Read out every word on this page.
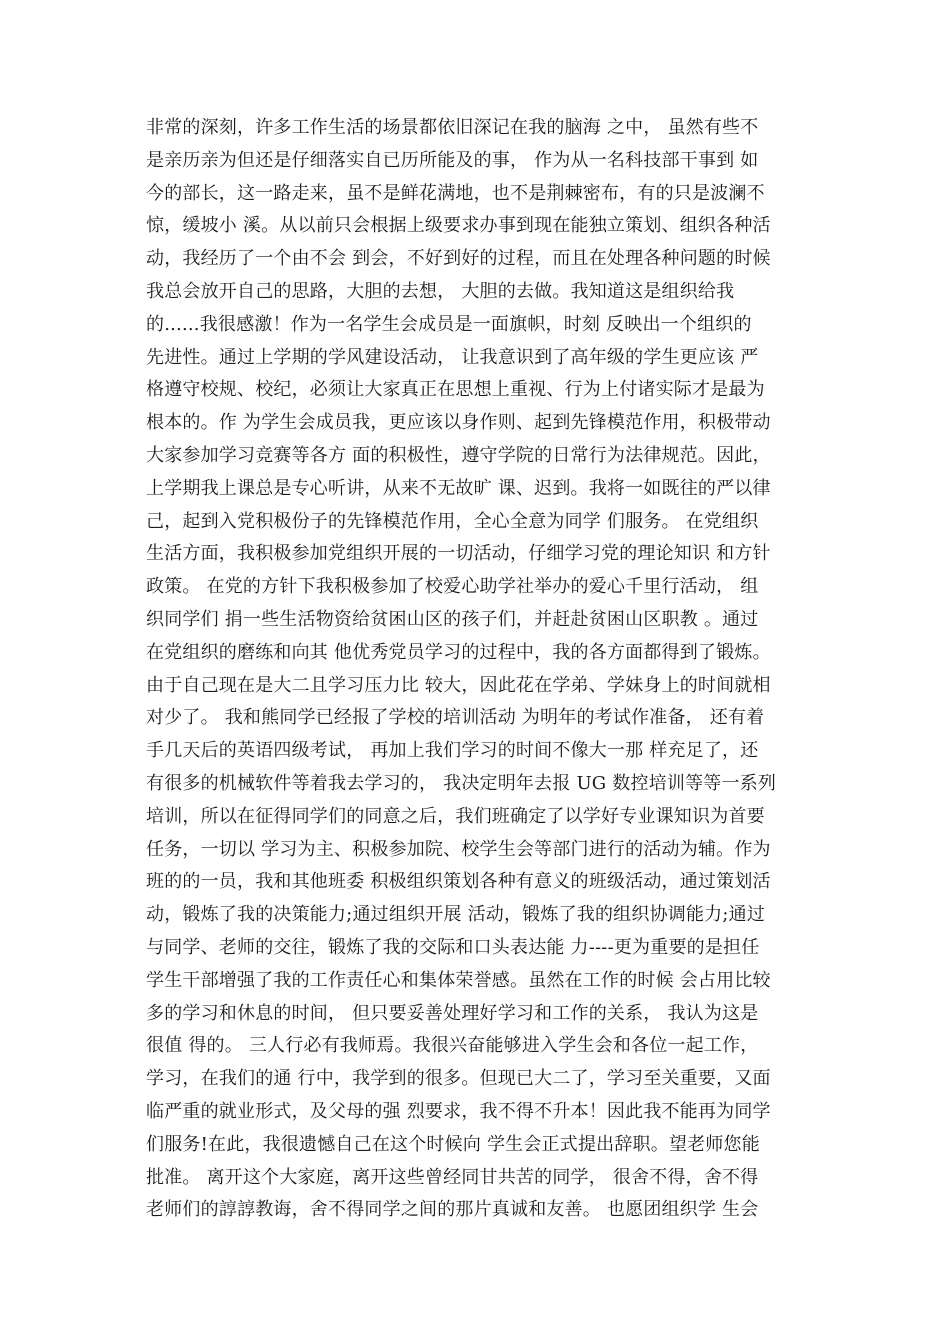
非常的深刻，许多工作生活的场景都依旧深记在我的脑海 之中， 虽然有些不
是亲历亲为但还是仔细落实自已历所能及的事， 作为从一名科技部干事到 如
今的部长，这一路走来，虽不是鲜花满地，也不是荆棘密布，有的只是波澜不
惊，缓坡小 溪。从以前只会根据上级要求办事到现在能独立策划、组织各种活
动，我经历了一个由不会 到会，不好到好的过程，而且在处理各种问题的时候
我总会放开自己的思路，大胆的去想， 大胆的去做。我知道这是组织给我
的......我很感激！作为一名学生会成员是一面旗帜，时刻 反映出一个组织的
先进性。通过上学期的学风建设活动， 让我意识到了高年级的学生更应该 严
格遵守校规、校纪，必须让大家真正在思想上重视、行为上付诸实际才是最为
根本的。作 为学生会成员我，更应该以身作则、起到先锋模范作用，积极带动
大家参加学习竞赛等各方 面的积极性，遵守学院的日常行为法律规范。因此，
上学期我上课总是专心听讲，从来不无故旷 课、迟到。我将一如既往的严以律
己，起到入党积极份子的先锋模范作用，全心全意为同学 们服务。 在党组织
生活方面，我积极参加党组织开展的一切活动，仔细学习党的理论知识 和方针
政策。 在党的方针下我积极参加了校爱心助学社举办的爱心千里行活动， 组
织同学们 捐一些生活物资给贫困山区的孩子们，并赶赴贫困山区职教 。通过
在党组织的磨练和向其 他优秀党员学习的过程中，我的各方面都得到了锻炼。
由于自己现在是大二且学习压力比 较大，因此花在学弟、学妹身上的时间就相
对少了。 我和熊同学已经报了学校的培训活动 为明年的考试作准备， 还有着
手几天后的英语四级考试， 再加上我们学习的时间不像大一那 样充足了，还
有很多的机械软件等着我去学习的， 我决定明年去报 UG 数控培训等等一系列
培训，所以在征得同学们的同意之后，我们班确定了以学好专业课知识为首要
任务，一切以 学习为主、积极参加院、校学生会等部门进行的活动为辅。作为
班的的一员，我和其他班委 积极组织策划各种有意义的班级活动，通过策划活
动，锻炼了我的决策能力;通过组织开展 活动，锻炼了我的组织协调能力;通过
与同学、老师的交往，锻炼了我的交际和口头表达能 力----更为重要的是担任
学生干部增强了我的工作责任心和集体荣誉感。虽然在工作的时候 会占用比较
多的学习和休息的时间， 但只要妥善处理好学习和工作的关系， 我认为这是
很值 得的。 三人行必有我师焉。我很兴奋能够进入学生会和各位一起工作，
学习，在我们的通 行中，我学到的很多。但现已大二了，学习至关重要，又面
临严重的就业形式，及父母的强 烈要求，我不得不升本！因此我不能再为同学
们服务!在此，我很遗憾自己在这个时候向 学生会正式提出辞职。望老师您能
批准。 离开这个大家庭，离开这些曾经同甘共苦的同学， 很舍不得，舍不得
老师们的諄諄教诲，舍不得同学之间的那片真诚和友善。 也愿团组织学 生会
